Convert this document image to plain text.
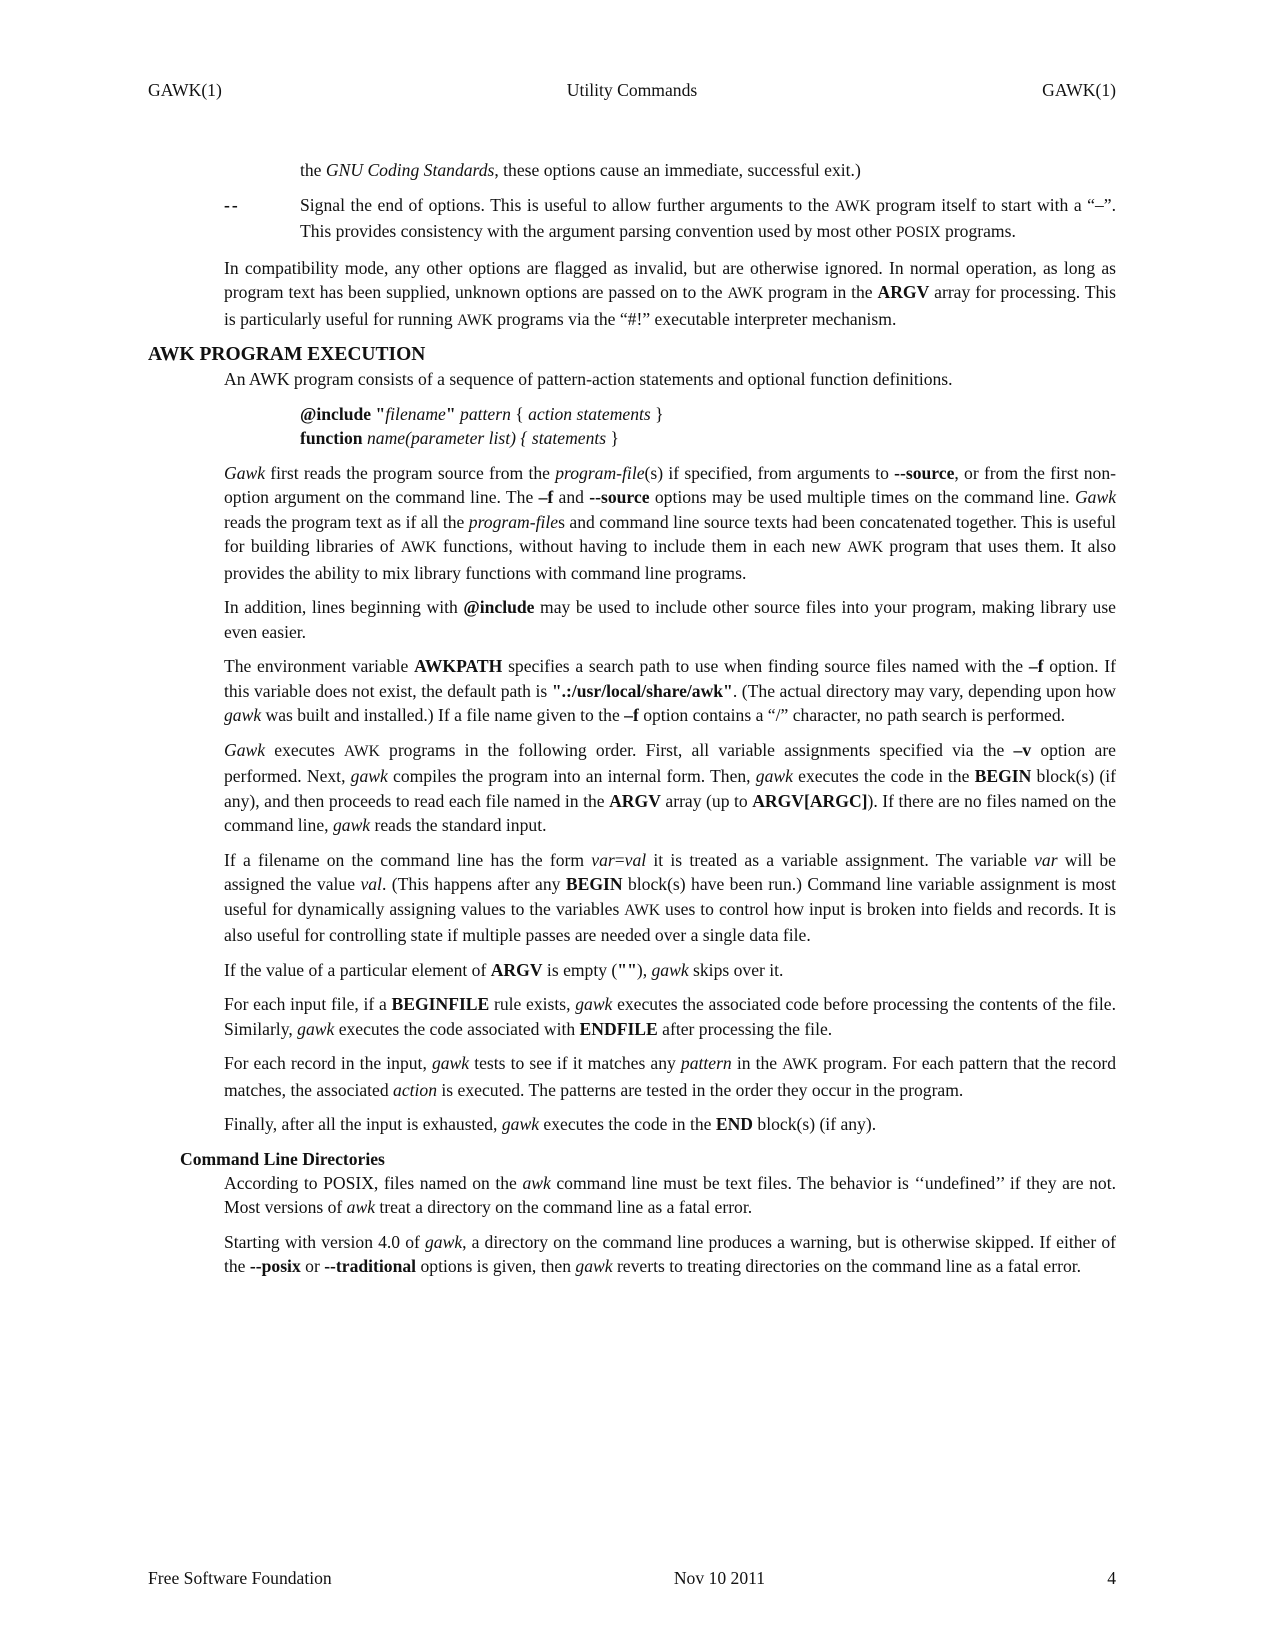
GAWK(1)	Utility Commands	GAWK(1)
the GNU Coding Standards, these options cause an immediate, successful exit.)
--	Signal the end of options. This is useful to allow further arguments to the AWK program itself to start with a “–”. This provides consistency with the argument parsing convention used by most other POSIX programs.
In compatibility mode, any other options are flagged as invalid, but are otherwise ignored. In normal operation, as long as program text has been supplied, unknown options are passed on to the AWK program in the ARGV array for processing. This is particularly useful for running AWK programs via the “#!” executable interpreter mechanism.
AWK PROGRAM EXECUTION
An AWK program consists of a sequence of pattern-action statements and optional function definitions.
@include "filename" pattern { action statements }
function name(parameter list) { statements }
Gawk first reads the program source from the program-file(s) if specified, from arguments to --source, or from the first non-option argument on the command line. The –f and --source options may be used multiple times on the command line. Gawk reads the program text as if all the program-files and command line source texts had been concatenated together. This is useful for building libraries of AWK functions, without having to include them in each new AWK program that uses them. It also provides the ability to mix library functions with command line programs.
In addition, lines beginning with @include may be used to include other source files into your program, making library use even easier.
The environment variable AWKPATH specifies a search path to use when finding source files named with the –f option. If this variable does not exist, the default path is ".:/usr/local/share/awk". (The actual directory may vary, depending upon how gawk was built and installed.) If a file name given to the –f option contains a “/” character, no path search is performed.
Gawk executes AWK programs in the following order. First, all variable assignments specified via the –v option are performed. Next, gawk compiles the program into an internal form. Then, gawk executes the code in the BEGIN block(s) (if any), and then proceeds to read each file named in the ARGV array (up to ARGV[ARGC]). If there are no files named on the command line, gawk reads the standard input.
If a filename on the command line has the form var=val it is treated as a variable assignment. The variable var will be assigned the value val. (This happens after any BEGIN block(s) have been run.) Command line variable assignment is most useful for dynamically assigning values to the variables AWK uses to control how input is broken into fields and records. It is also useful for controlling state if multiple passes are needed over a single data file.
If the value of a particular element of ARGV is empty (""), gawk skips over it.
For each input file, if a BEGINFILE rule exists, gawk executes the associated code before processing the contents of the file. Similarly, gawk executes the code associated with ENDFILE after processing the file.
For each record in the input, gawk tests to see if it matches any pattern in the AWK program. For each pattern that the record matches, the associated action is executed. The patterns are tested in the order they occur in the program.
Finally, after all the input is exhausted, gawk executes the code in the END block(s) (if any).
Command Line Directories
According to POSIX, files named on the awk command line must be text files. The behavior is ‘‘undefined’’ if they are not. Most versions of awk treat a directory on the command line as a fatal error.
Starting with version 4.0 of gawk, a directory on the command line produces a warning, but is otherwise skipped. If either of the --posix or --traditional options is given, then gawk reverts to treating directories on the command line as a fatal error.
Free Software Foundation	Nov 10 2011	4
